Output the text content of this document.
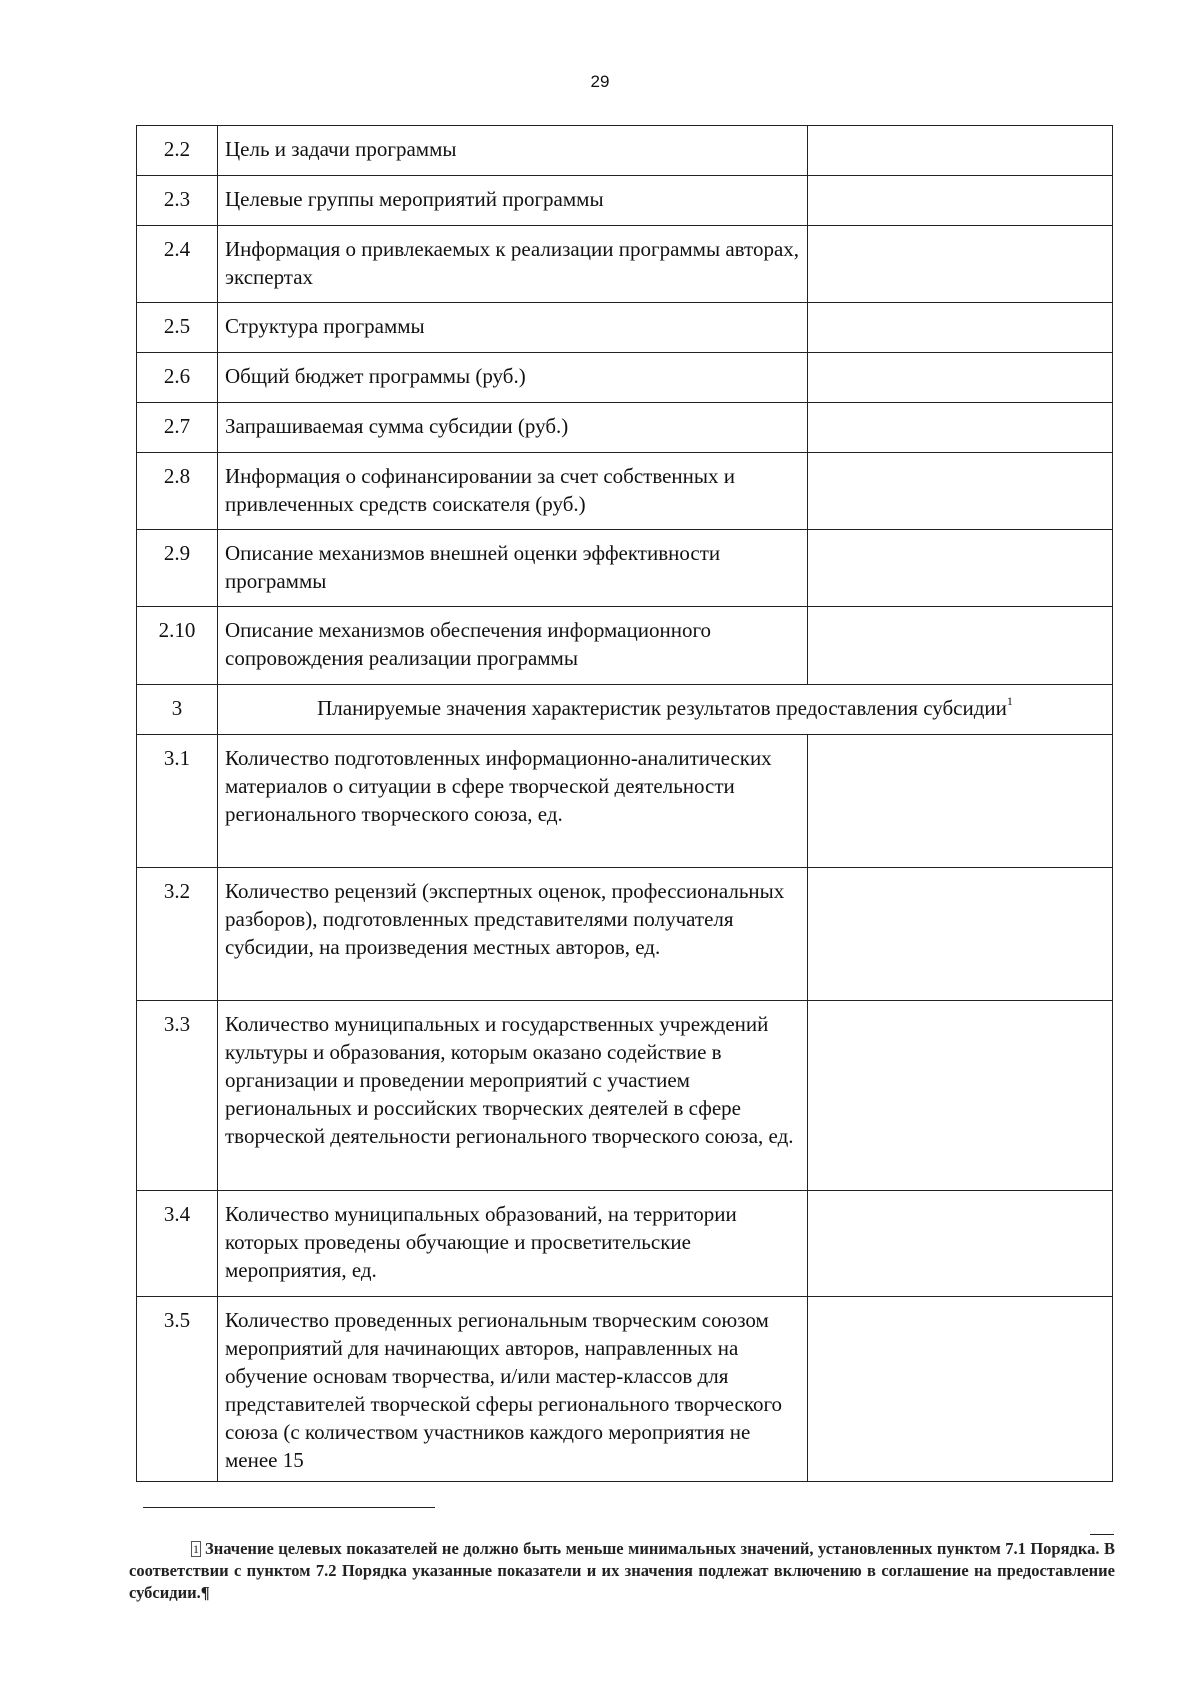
29
2.2	Цель и задачи программы	
2.3	Целевые группы мероприятий программы	
2.4	Информация о привлекаемых к реализации программы авторах, экспертах	
2.5	Структура программы	
2.6	Общий бюджет программы (руб.)	
2.7	Запрашиваемая сумма субсидии (руб.)	
2.8	Информация о софинансировании за счет собственных и привлеченных средств соискателя (руб.)	
2.9	Описание механизмов внешней оценки эффективности программы	
2.10	Описание механизмов обеспечения информационного сопровождения реализации программы	
3	Планируемые значения характеристик результатов предоставления субсидии$^1$
3.1	Количество подготовленных информационно-аналитических материалов о ситуации в сфере творческой деятельности регионального творческого союза, ед.	
3.2	Количество рецензий (экспертных оценок, профессиональных разборов), подготовленных представителями получателя субсидии, на произведения местных авторов, ед.	
3.3	Количество муниципальных и государственных учреждений культуры и образования, которым оказано содействие в организации и проведении мероприятий с участием региональных и российских творческих деятелей в сфере творческой деятельности регионального творческого союза, ед.	
3.4	Количество муниципальных образований, на территории которых проведены обучающие и просветительские мероприятия, ед.	
3.5	Количество проведенных региональным творческим союзом мероприятий для начинающих авторов, направленных на обучение основам творчества, и/или мастер-классов для представителей творческой сферы регионального творческого союза (с количеством участников каждого мероприятия не менее 15	
$^1$ Значение целевых показателей не должно быть меньше минимальных значений, установленных пунктом 7.1 Порядка. В соответствии с пунктом 7.2 Порядка указанные показатели и их значения подлежат включению в соглашение на предоставление субсидии.¶
